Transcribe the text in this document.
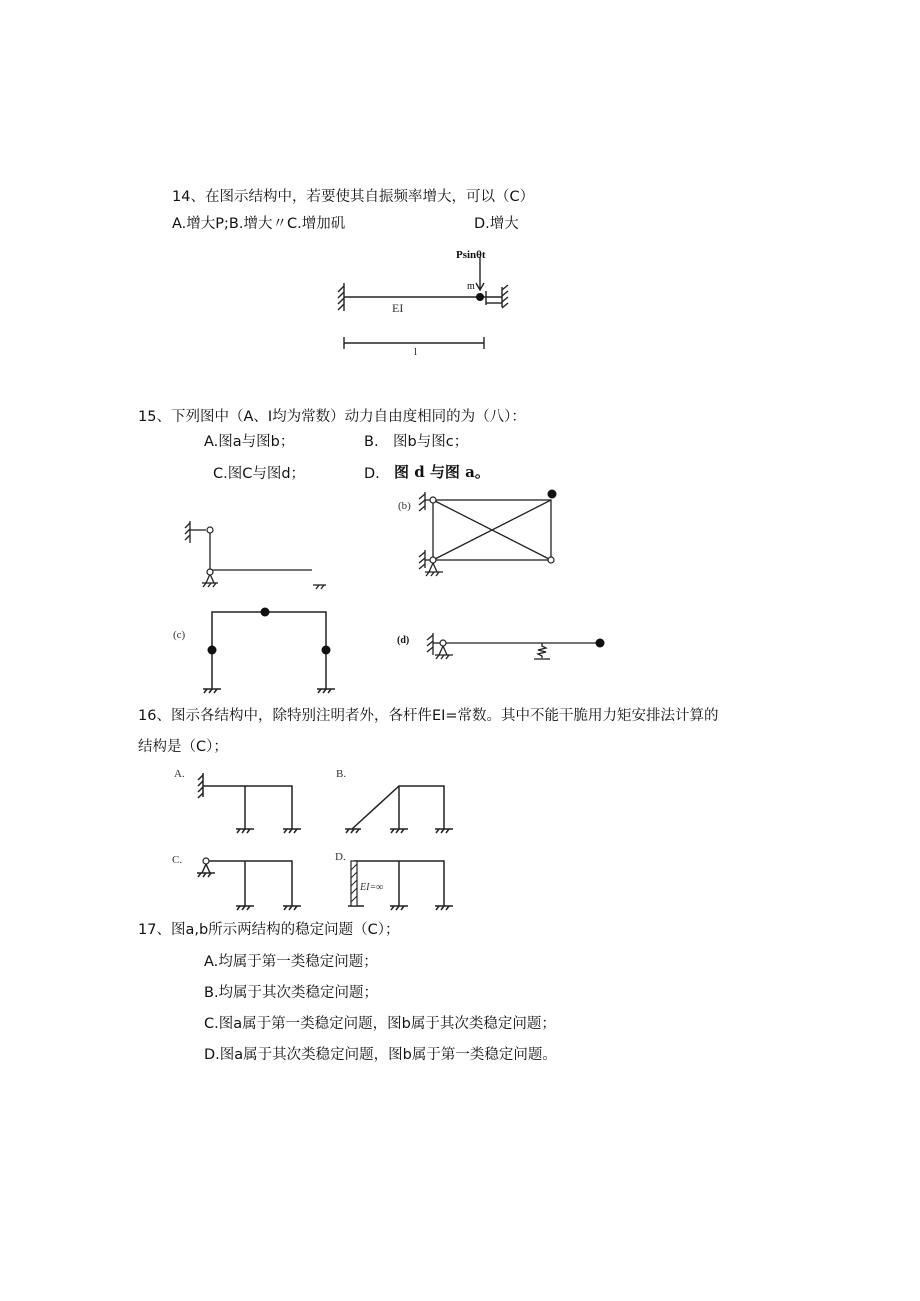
14、在图示结构中，若要使其自振频率增大，可以（C）
A.增大P;B.增大〃C.增加矶	D.增大
Psinθt
m
EI
l
15、下列图中（A、I均为常数）动力自由度相同的为（八）：
A.图a与图b；	B.　图b与图c；
C.图C与图d；	D. 图 d 与图 a。
(b)
(c)	(d)
16、图示各结构中，除特别注明者外，各杆件EI=常数。其中不能干脆用力矩安排法计算的
结构是（C）；
A.	B.
C.	D.
EI=∞
17、图a,b所示两结构的稳定问题（C）；
A.均属于第一类稳定问题；
B.均属于其次类稳定问题；
C.图a属于第一类稳定问题，图b属于其次类稳定问题；
D.图a属于其次类稳定问题，图b属于第一类稳定问题。
